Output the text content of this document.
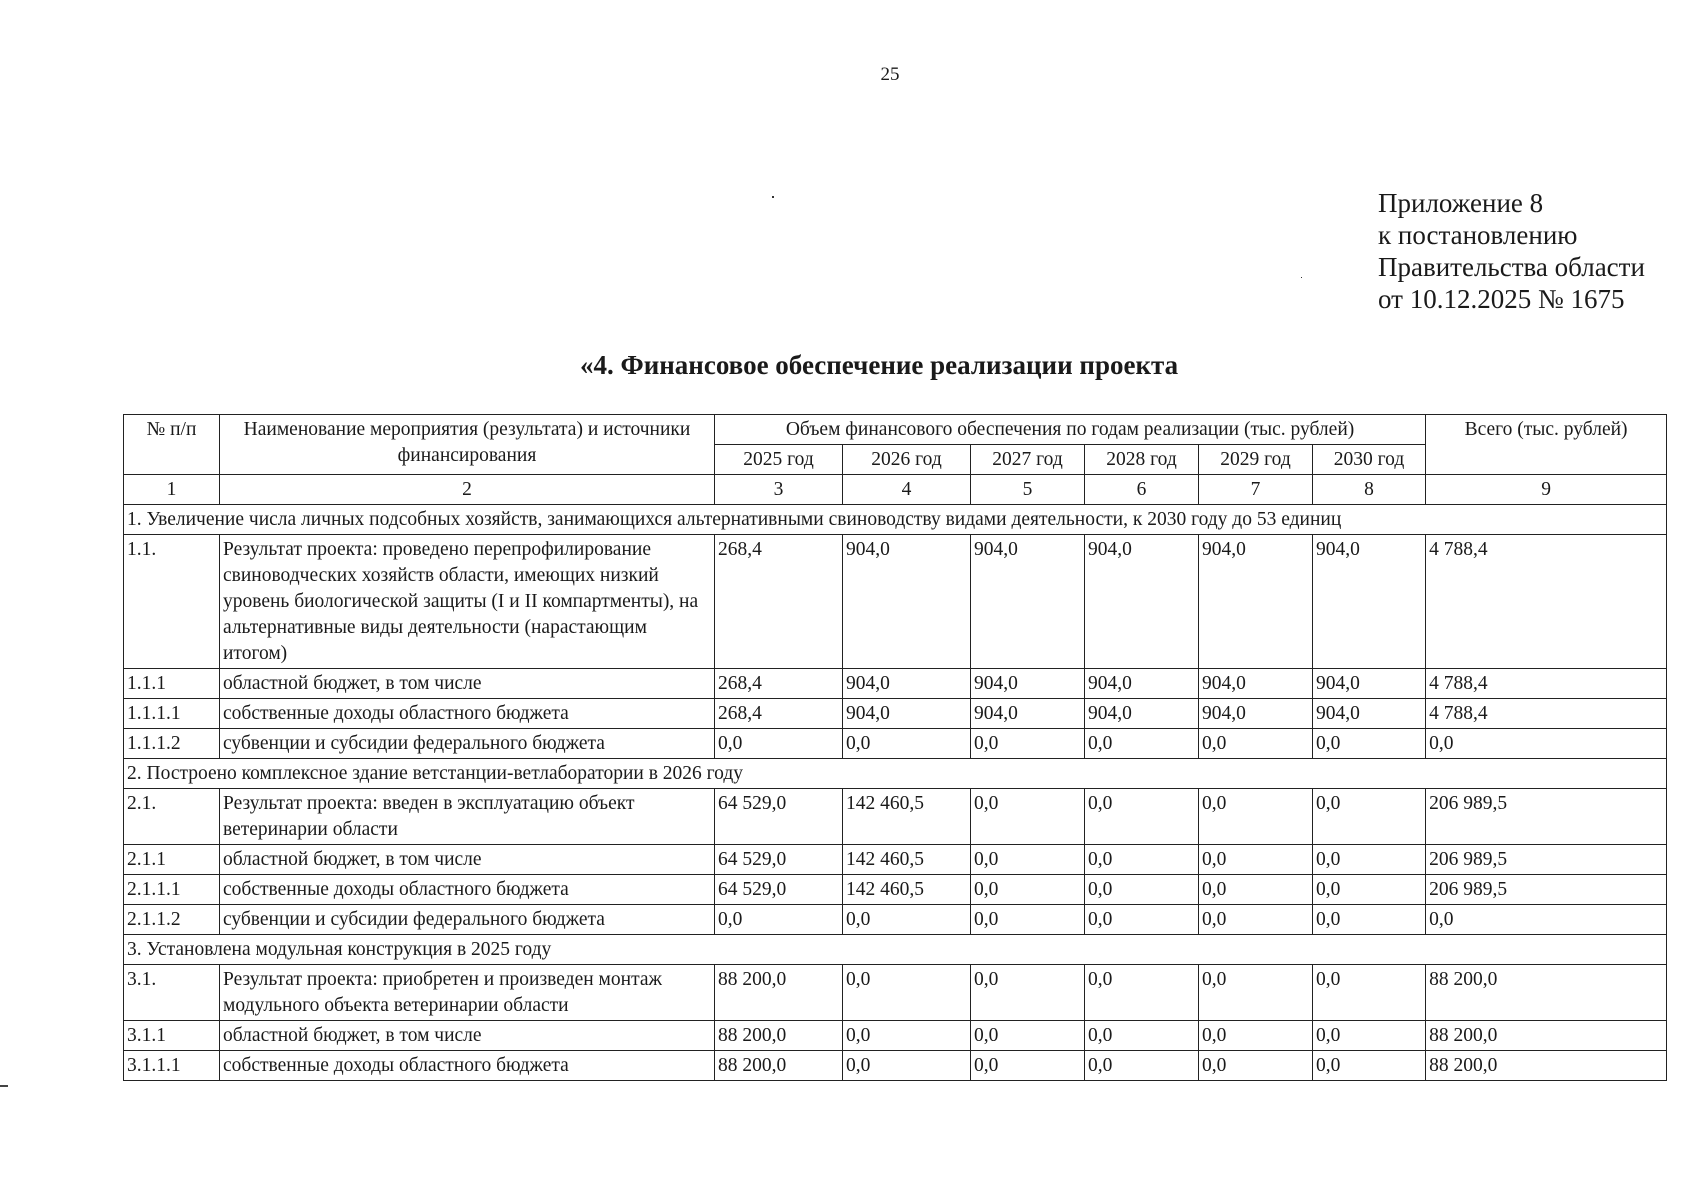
25
Приложение 8
к постановлению
Правительства области
от 10.12.2025 № 1675
«4. Финансовое обеспечение реализации проекта
№ п/п	Наименование мероприятия (результата) и источники финансирования	Объем финансового обеспечения по годам реализации (тыс. рублей)						Всего (тыс. рублей)
		2025 год	2026 год	2027 год	2028 год	2029 год	2030 год	
1	2	3	4	5	6	7	8	9
1. Увеличение числа личных подсобных хозяйств, занимающихся альтернативными свиноводству видами деятельности, к 2030 году до 53 единиц								
1.1.	Результат проекта: проведено перепрофилирование свиноводческих хозяйств области, имеющих низкий уровень биологической защиты (I и II компартменты), на альтернативные виды деятельности (нарастающим итогом)	268,4	904,0	904,0	904,0	904,0	904,0	4 788,4
1.1.1	областной бюджет, в том числе	268,4	904,0	904,0	904,0	904,0	904,0	4 788,4
1.1.1.1	собственные доходы областного бюджета	268,4	904,0	904,0	904,0	904,0	904,0	4 788,4
1.1.1.2	субвенции и субсидии федерального бюджета	0,0	0,0	0,0	0,0	0,0	0,0	0,0
2. Построено комплексное здание ветстанции-ветлаборатории в 2026 году								
2.1.	Результат проекта: введен в эксплуатацию объект ветеринарии области	64 529,0	142 460,5	0,0	0,0	0,0	0,0	206 989,5
2.1.1	областной бюджет, в том числе	64 529,0	142 460,5	0,0	0,0	0,0	0,0	206 989,5
2.1.1.1	собственные доходы областного бюджета	64 529,0	142 460,5	0,0	0,0	0,0	0,0	206 989,5
2.1.1.2	субвенции и субсидии федерального бюджета	0,0	0,0	0,0	0,0	0,0	0,0	0,0
3. Установлена модульная конструкция в 2025 году								
3.1.	Результат проекта: приобретен и произведен монтаж модульного объекта ветеринарии области	88 200,0	0,0	0,0	0,0	0,0	0,0	88 200,0
3.1.1	областной бюджет, в том числе	88 200,0	0,0	0,0	0,0	0,0	0,0	88 200,0
3.1.1.1	собственные доходы областного бюджета	88 200,0	0,0	0,0	0,0	0,0	0,0	88 200,0
